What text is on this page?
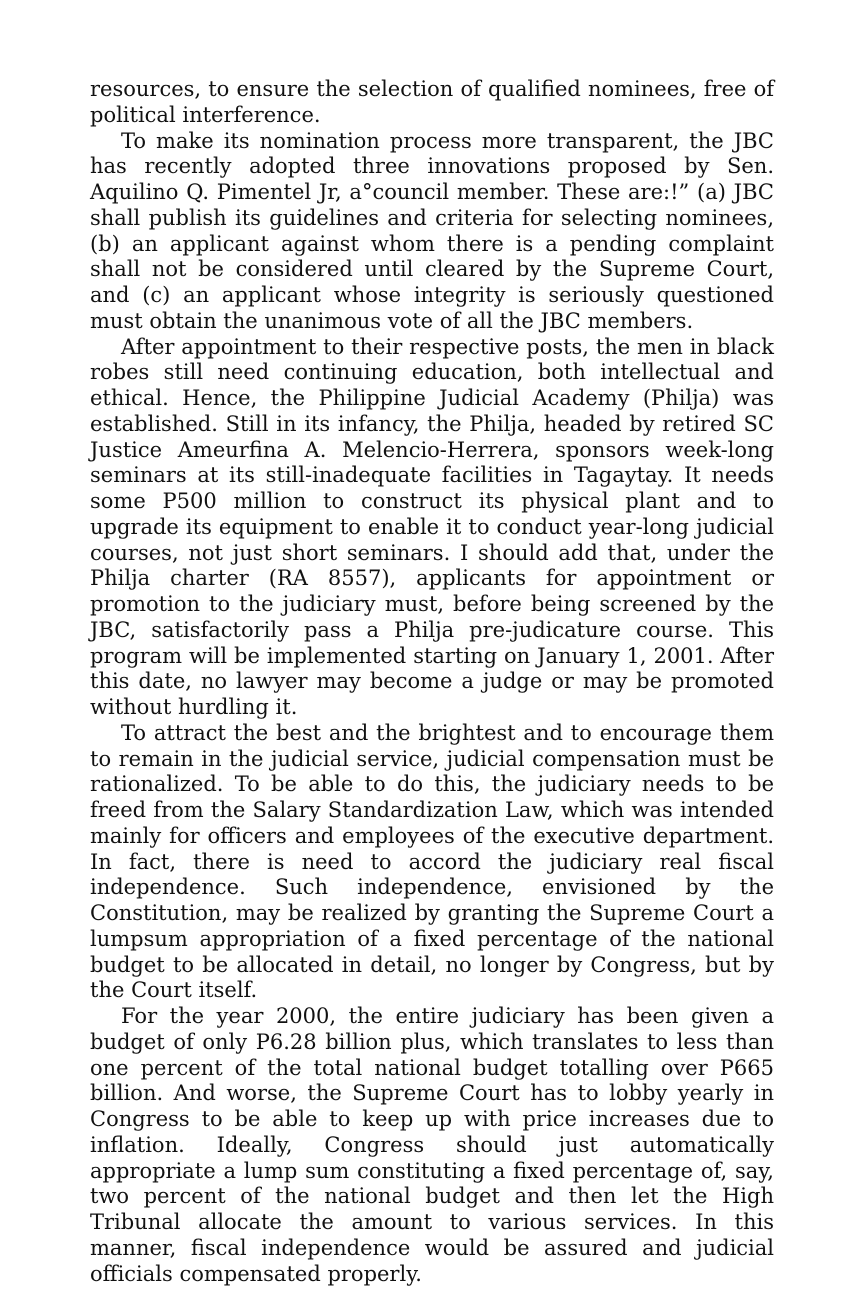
resources, to ensure the selection of qualified nominees, free of political interference.

To make its nomination process more transparent, the JBC has recently adopted three innovations proposed by Sen. Aquilino Q. Pimentel Jr, a°council member. These are:!” (a) JBC shall publish its guidelines and criteria for selecting nominees, (b) an applicant against whom there is a pending complaint shall not be considered until cleared by the Supreme Court, and (c) an applicant whose integrity is seriously questioned must obtain the unanimous vote of all the JBC members.

After appointment to their respective posts, the men in black robes still need continuing education, both intellectual and ethical. Hence, the Philippine Judicial Academy (Philja) was established. Still in its infancy, the Philja, headed by retired SC Justice Ameurfina A. Melencio-Herrera, sponsors week-long seminars at its still-inadequate facilities in Tagaytay. It needs some P500 million to construct its physical plant and to upgrade its equipment to enable it to conduct year-long judicial courses, not just short seminars. I should add that, under the Philja charter (RA 8557), applicants for appointment or promotion to the judiciary must, before being screened by the JBC, satisfactorily pass a Philja pre-judicature course. This program will be implemented starting on January 1, 2001. After this date, no lawyer may become a judge or may be promoted without hurdling it.

To attract the best and the brightest and to encourage them to remain in the judicial service, judicial compensation must be rationalized. To be able to do this, the judiciary needs to be freed from the Salary Standardization Law, which was intended mainly for officers and employees of the executive department. In fact, there is need to accord the judiciary real fiscal independence. Such independence, envisioned by the Constitution, may be realized by granting the Supreme Court a lumpsum appropriation of a fixed percentage of the national budget to be allocated in detail, no longer by Congress, but by the Court itself.

For the year 2000, the entire judiciary has been given a budget of only P6.28 billion plus, which translates to less than one percent of the total national budget totalling over P665 billion. And worse, the Supreme Court has to lobby yearly in Congress to be able to keep up with price increases due to inflation. Ideally, Congress should just automatically appropriate a lump sum constituting a fixed percentage of, say, two percent of the national budget and then let the High Tribunal allocate the amount to various services. In this manner, fiscal independence would be assured and judicial officials compensated properly.
